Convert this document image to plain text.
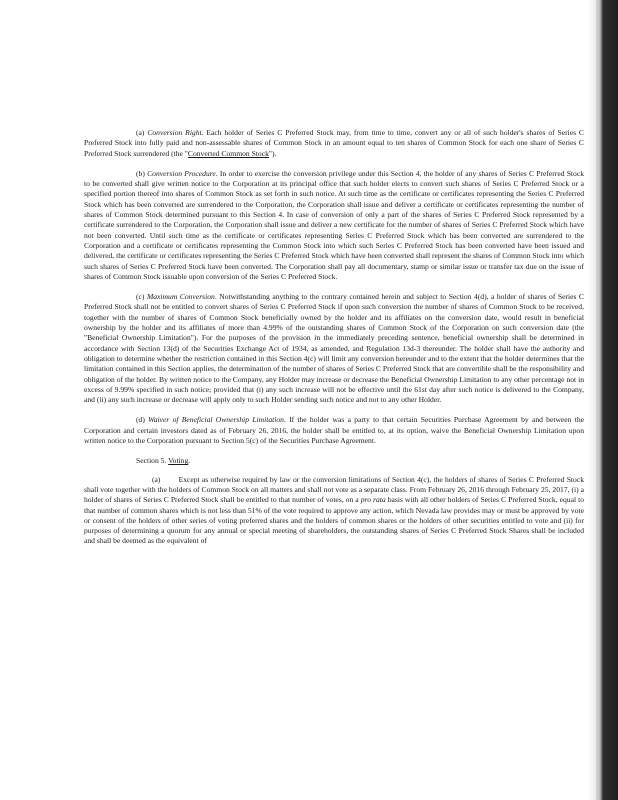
(a) Conversion Right. Each holder of Series C Preferred Stock may, from time to time, convert any or all of such holder's shares of Series C Preferred Stock into fully paid and non-assessable shares of Common Stock in an amount equal to ten shares of Common Stock for each one share of Series C Preferred Stock surrendered (the "Converted Common Stock").

(b) Conversion Procedure. In order to exercise the conversion privilege under this Section 4, the holder of any shares of Series C Preferred Stock to be converted shall give written notice to the Corporation at its principal office that such holder elects to convert such shares of Series C Preferred Stock or a specified portion thereof into shares of Common Stock as set forth in such notice. At such time as the certificate or certificates representing the Series C Preferred Stock which has been converted are surrendered to the Corporation, the Corporation shall issue and deliver a certificate or certificates representing the number of shares of Common Stock determined pursuant to this Section 4. In case of conversion of only a part of the shares of Series C Preferred Stock represented by a certificate surrendered to the Corporation, the Corporation shall issue and deliver a new certificate for the number of shares of Series C Preferred Stock which have not been converted. Until such time as the certificate or certificates representing Series C Preferred Stock which has been converted are surrendered to the Corporation and a certificate or certificates representing the Common Stock into which such Series C Preferred Stock has been converted have been issued and delivered, the certificate or certificates representing the Series C Preferred Stock which have been converted shall represent the shares of Common Stock into which such shares of Series C Preferred Stock have been converted. The Corporation shall pay all documentary, stamp or similar issue or transfer tax due on the issue of shares of Common Stock issuable upon conversion of the Series C Preferred Stock.

(c) Maximum Conversion. Notwithstanding anything to the contrary contained herein and subject to Section 4(d), a holder of shares of Series C Preferred Stock shall not be entitled to convert shares of Series C Preferred Stock if upon such conversion the number of shares of Common Stock to be received, together with the number of shares of Common Stock beneficially owned by the holder and its affiliates on the conversion date, would result in beneficial ownership by the holder and its affiliates of more than 4.99% of the outstanding shares of Common Stock of the Corporation on such conversion date (the "Beneficial Ownership Limitation"). For the purposes of the provision in the immediately preceding sentence, beneficial ownership shall be determined in accordance with Section 13(d) of the Securities Exchange Act of 1934, as amended, and Regulation 13d-3 thereunder. The holder shall have the authority and obligation to determine whether the restriction contained in this Section 4(c) will limit any conversion hereunder and to the extent that the holder determines that the limitation contained in this Section applies, the determination of the number of shares of Series C Preferred Stock that are convertible shall be the responsibility and obligation of the holder. By written notice to the Company, any Holder may increase or decrease the Beneficial Ownership Limitation to any other percentage not in excess of 9.99% specified in such notice; provided that (i) any such increase will not be effective until the 61st day after such notice is delivered to the Company, and (ii) any such increase or decrease will apply only to such Holder sending such notice and not to any other Holder.

(d) Waiver of Beneficial Ownership Limitation. If the holder was a party to that certain Securities Purchase Agreement by and between the Corporation and certain investors dated as of February 26, 2016, the holder shall be entitled to, at its option, waive the Beneficial Ownership Limitation upon written notice to the Corporation pursuant to Section 5(c) of the Securities Purchase Agreement.

Section 5. Voting.

(a) Except as otherwise required by law or the conversion limitations of Section 4(c), the holders of shares of Series C Preferred Stock shall vote together with the holders of Common Stock on all matters and shall not vote as a separate class. From February 26, 2016 through February 25, 2017, (i) a holder of shares of Series C Preferred Stock shall be entitled to that number of votes, on a pro rata basis with all other holders of Series C Preferred Stock, equal to that number of common shares which is not less than 51% of the vote required to approve any action, which Nevada law provides may or must be approved by vote or consent of the holders of other series of voting preferred shares and the holders of common shares or the holders of other securities entitled to vote and (ii) for purposes of determining a quorum for any annual or special meeting of shareholders, the outstanding shares of Series C Preferred Stock Shares shall be included and shall be deemed as the equivalent of
